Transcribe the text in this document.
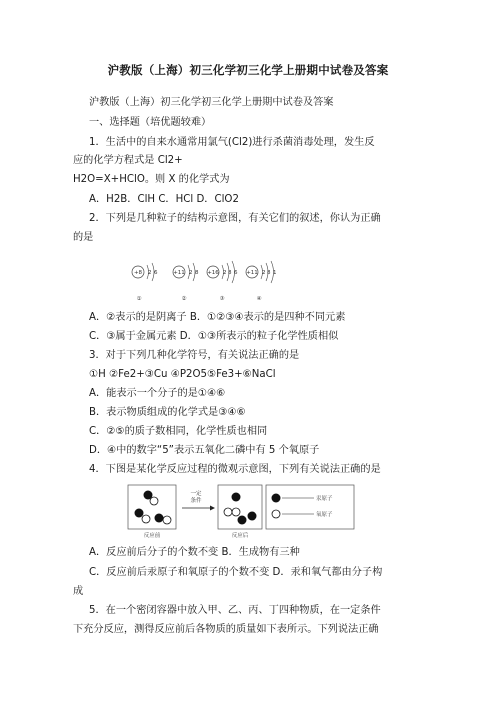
沪教版（上海）初三化学初三化学上册期中试卷及答案
沪教版（上海）初三化学初三化学上册期中试卷及答案
一、选择题（培优题较难）
1．生活中的自来水通常用氯气(Cl2)进行杀菌消毒处理，发生反
应的化学方程式是 Cl2+
H2O=X+HClO。则 X 的化学式为
A．H2B．ClH C．HCl D．ClO2
2．下列是几种粒子的结构示意图，有关它们的叙述，你认为正确
的是
+8 2 6
①
+11 2 8
②
+16 2 8 6
③
+11 2 8 1
④
A．②表示的是阴离子 B．①②③④表示的是四种不同元素
C．③属于金属元素 D．①③所表示的粒子化学性质相似
3．对于下列几种化学符号，有关说法正确的是
①H ②Fe2+③Cu ④P2O5⑤Fe3+⑥NaCl
A．能表示一个分子的是①④⑥
B．表示物质组成的化学式是③④⑥
C．②⑤的质子数相同，化学性质也相同
D．④中的数字“5”表示五氧化二磷中有 5 个氧原子
4．下图是某化学反应过程的微观示意图，下列有关说法正确的是
反应前
一定
条件
反应后
汞原子
氧原子
A．反应前后分子的个数不变 B．生成物有三种
C．反应前后汞原子和氧原子的个数不变 D．汞和氧气都由分子构
成
5．在一个密闭容器中放入甲、乙、丙、丁四种物质，在一定条件
下充分反应，测得反应前后各物质的质量如下表所示。下列说法正确
